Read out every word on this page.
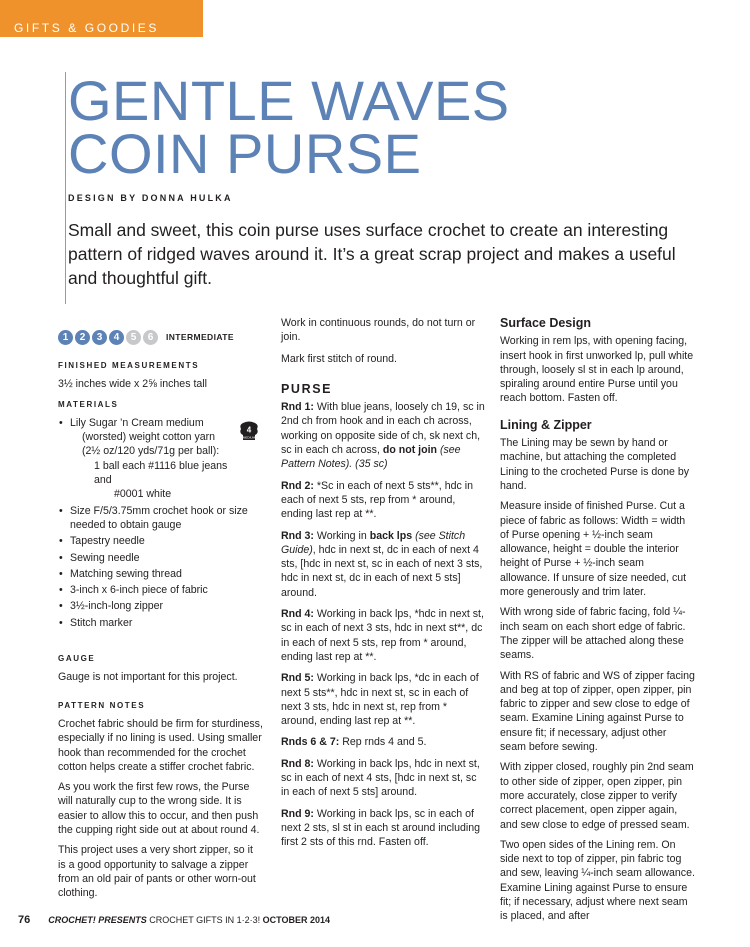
GIFTS & GOODIES
GENTLE WAVES
COIN PURSE
DESIGN BY DONNA HULKA
Small and sweet, this coin purse uses surface crochet to create an interesting pattern of ridged waves around it. It’s a great scrap project and makes a useful and thoughtful gift.
1	2	3	4	5	6	INTERMEDIATE
FINISHED MEASUREMENTS

3½ inches wide x 2⅝ inches tall

MATERIALS
• Lily Sugar ’n Cream medium
(worsted) weight cotton yarn
(2½ oz/120 yds/71g per ball):
1 ball each #1116 blue jeans and
#0001 white
4
MEDIUM
• Size F/5/3.75mm crochet hook or size needed to obtain gauge
• Tapestry needle
• Sewing needle
• Matching sewing thread
• 3-inch x 6-inch piece of fabric
• 3½-inch-long zipper
• Stitch marker
GAUGE

Gauge is not important for this project.

PATTERN NOTES

Crochet fabric should be firm for sturdiness, especially if no lining is used. Using smaller hook than recommended for the crochet cotton helps create a stiffer crochet fabric.

As you work the first few rows, the Purse will naturally cup to the wrong side. It is easier to allow this to occur, and then push the cupping right side out at about round 4.

This project uses a very short zipper, so it is a good opportunity to salvage a zipper from an old pair of pants or other worn-out clothing.

Work in continuous rounds, do not turn or join.

Mark first stitch of round.

PURSE

Rnd 1: With blue jeans, loosely ch 19, sc in 2nd ch from hook and in each ch across, working on opposite side of ch, sk next ch, sc in each ch across, do not join (see Pattern Notes). (35 sc)

Rnd 2: *Sc in each of next 5 sts**, hdc in each of next 5 sts, rep from * around, ending last rep at **.

Rnd 3: Working in back lps (see Stitch Guide), hdc in next st, dc in each of next 4 sts, [hdc in next st, sc in each of next 3 sts, hdc in next st, dc in each of next 5 sts] around.

Rnd 4: Working in back lps, *hdc in next st, sc in each of next 3 sts, hdc in next st**, dc in each of next 5 sts, rep from * around, ending last rep at **.

Rnd 5: Working in back lps, *dc in each of next 5 sts**, hdc in next st, sc in each of next 3 sts, hdc in next st, rep from * around, ending last rep at **.

Rnds 6 & 7: Rep rnds 4 and 5.

Rnd 8: Working in back lps, hdc in next st, sc in each of next 4 sts, [hdc in next st, sc in each of next 5 sts] around.

Rnd 9: Working in back lps, sc in each of next 2 sts, sl st in each st around including first 2 sts of this rnd. Fasten off.

Surface Design

Working in rem lps, with opening facing, insert hook in first unworked lp, pull white through, loosely sl st in each lp around, spiraling around entire Purse until you reach bottom. Fasten off.

Lining & Zipper

The Lining may be sewn by hand or machine, but attaching the completed Lining to the crocheted Purse is done by hand.

Measure inside of finished Purse. Cut a piece of fabric as follows: Width = width of Purse opening + ½-inch seam allowance, height = double the interior height of Purse + ½-inch seam allowance. If unsure of size needed, cut more generously and trim later.

With wrong side of fabric facing, fold ¼-inch seam on each short edge of fabric. The zipper will be attached along these seams.

With RS of fabric and WS of zipper facing and beg at top of zipper, open zipper, pin fabric to zipper and sew close to edge of seam. Examine Lining against Purse to ensure fit; if necessary, adjust other seam before sewing.

With zipper closed, roughly pin 2nd seam to other side of zipper, open zipper, pin more accurately, close zipper to verify correct placement, open zipper again, and sew close to edge of pressed seam.

Two open sides of the Lining rem. On side next to top of zipper, pin fabric tog and sew, leaving ¼-inch seam allowance. Examine Lining against Purse to ensure fit; if necessary, adjust where next seam is placed, and after

76 CROCHET! PRESENTS CROCHET GIFTS IN 1·2·3! OCTOBER 2014
